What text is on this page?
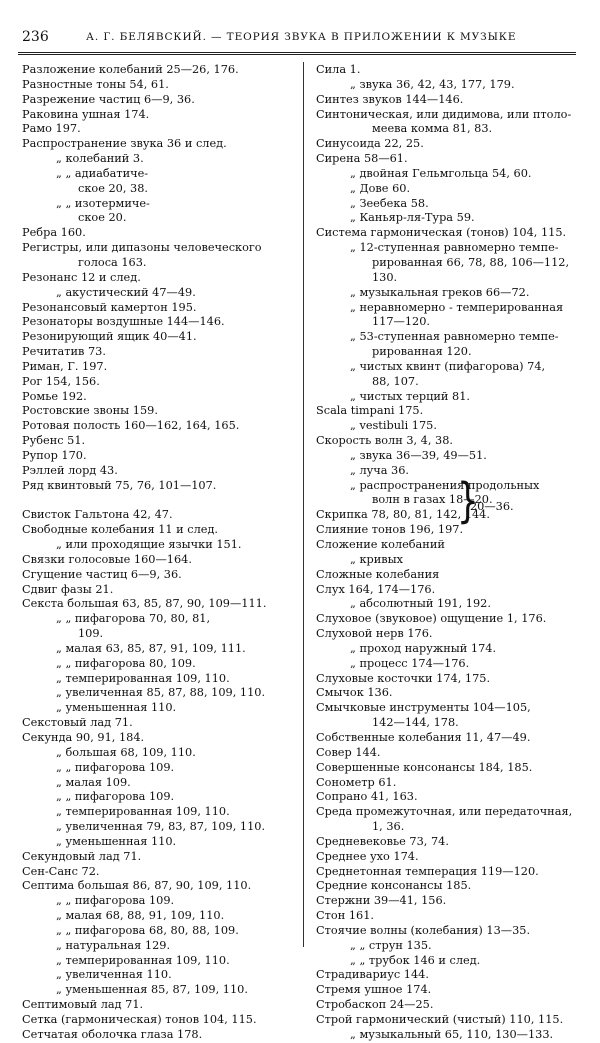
236	А. Г. БЕЛЯВСКИЙ. — ТЕОРИЯ ЗВУКА В ПРИЛОЖЕНИИ К МУЗЫКЕ
Разложение колебаний 25—26, 176.
Разностные тоны 54, 61.
Разрежение частиц 6—9, 36.
Раковина ушная 174.
Рамо 197.
Распространение звука 36 и след.
„ колебаний 3.
„ „ адиабатиче-
ское 20, 38.
„ „ изотермиче-
ское 20.
Ребра 160.
Регистры, или дипазоны человеческого
голоса 163.
Резонанс 12 и след.
„ акустический 47—49.
Резонансовый камертон 195.
Резонаторы воздушные 144—146.
Резонирующий ящик 40—41.
Речитатив 73.
Риман, Г. 197.
Рог 154, 156.
Ромье 192.
Ростовские звоны 159.
Ротовая полость 160—162, 164, 165.
Рубенс 51.
Рупор 170.
Рэллей лорд 43.
Ряд квинтовый 75, 76, 101—107.
Свисток Гальтона 42, 47.
Свободные колебания 11 и след.
„ или проходящие язычки 151.
Связки голосовые 160—164.
Сгущение частиц 6—9, 36.
Сдвиг фазы 21.
Секста большая 63, 85, 87, 90, 109—111.
„ „ пифагорова 70, 80, 81,
109.
„ малая 63, 85, 87, 91, 109, 111.
„ „ пифагорова 80, 109.
„ темперированная 109, 110.
„ увеличенная 85, 87, 88, 109, 110.
„ уменьшенная 110.
Секстовый лад 71.
Секунда 90, 91, 184.
„ большая 68, 109, 110.
„ „ пифагорова 109.
„ малая 109.
„ „ пифагорова 109.
„ темперированная 109, 110.
„ увеличенная 79, 83, 87, 109, 110.
„ уменьшенная 110.
Секундовый лад 71.
Сен-Санс 72.
Септима большая 86, 87, 90, 109, 110.
„ „ пифагорова 109.
„ малая 68, 88, 91, 109, 110.
„ „ пифагорова 68, 80, 88, 109.
„ натуральная 129.
„ темперированная 109, 110.
„ увеличенная 110.
„ уменьшенная 85, 87, 109, 110.
Септимовый лад 71.
Сетка (гармоническая) тонов 104, 115.
Сетчатая оболочка глаза 178.
Сила 1.
„ звука 36, 42, 43, 177, 179.
Синтез звуков 144—146.
Синтоническая, или дидимова, или птоло-
меева комма 81, 83.
Синусоида 22, 25.
Сирена 58—61.
„ двойная Гельмгольца 54, 60.
„ Дове 60.
„ Зеебека 58.
„ Каньяр-ля-Тура 59.
Система гармоническая (тонов) 104, 115.
„ 12-ступенная равномерно темпе-
рированная 66, 78, 88, 106—112,
130.
„ музыкальная греков 66—72.
„ неравномерно - темперированная
117—120.
„ 53-ступенная равномерно темпе-
рированная 120.
„ чистых квинт (пифагорова) 74,
88, 107.
„ чистых терций 81.
Scala timpani 175.
„ vestibuli 175.
Скорость волн 3, 4, 38.
„ звука 36—39, 49—51.
„ луча 36.
„ распространения продольных
волн в газах 18—20.
Скрипка 78, 80, 81, 142, 144.
Слияние тонов 196, 197.
Сложение колебаний
„ кривых
Сложные колебания
Слух 164, 174—176.
„ абсолютный 191, 192.
Слуховое (звуковое) ощущение 1, 176.
Слуховой нерв 176.
„ проход наружный 174.
„ процесс 174—176.
Слуховые косточки 174, 175.
Смычок 136.
Смычковые инструменты 104—105,
142—144, 178.
Собственные колебания 11, 47—49.
Совер 144.
Совершенные консонансы 184, 185.
Сонометр 61.
Сопрано 41, 163.
Среда промежуточная, или передаточная,
1, 36.
Средневековье 73, 74.
Среднее ухо 174.
Среднетонная темперация 119—120.
Средние консонансы 185.
Стержни 39—41, 156.
Стон 161.
Стоячие волны (колебания) 13—35.
„ „ струн 135.
„ „ трубок 146 и след.
Страдивариус 144.
Стремя ушное 174.
Стробаскоп 24—25.
Строй гармонический (чистый) 110, 115.
„ музыкальный 65, 110, 130—133.
}
20—36.
